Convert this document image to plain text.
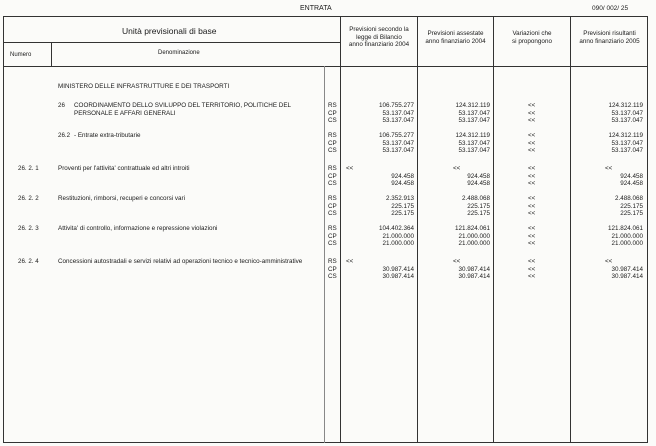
ENTRATA	090/ 002/ 25
Unità previsionali di base
Numero	Denominazione
Previsioni secondo la
legge di Bilancio
anno finanziario 2004
Previsioni assestate
anno finanziario 2004
Variazioni che
si propongono
Previsioni risultanti
anno finanziario 2005
MINISTERO DELLE INFRASTRUTTURE E DEI TRASPORTI
26 COORDINAMENTO DELLO SVILUPPO DEL TERRITORIO, POLITICHE DEL
PERSONALE E AFFARI GENERALI
RS	106.755.277	124.312.119	<<	124.312.119
CP	53.137.047	53.137.047	<<	53.137.047
CS	53.137.047	53.137.047	<<	53.137.047
26.2 - Entrate extra-tributarie	RS	106.755.277	124.312.119	<<	124.312.119
CP	53.137.047	53.137.047	<<	53.137.047
CS	53.137.047	53.137.047	<<	53.137.047
26. 2. 1	Proventi per l'attivita' contrattuale ed altri introiti	RS <<	<<	<<	<<
CP	924.458	924.458	<<	924.458
CS	924.458	924.458	<<	924.458
26. 2. 2	Restituzioni, rimborsi, recuperi e concorsi vari	RS	2.352.913	2.488.068	<<	2.488.068
CP	225.175	225.175	<<	225.175
CS	225.175	225.175	<<	225.175
26. 2. 3	Attivita' di controllo, informazione e repressione violazioni	RS	104.402.364	121.824.061	<<	121.824.061
CP	21.000.000	21.000.000	<<	21.000.000
CS	21.000.000	21.000.000	<<	21.000.000
26. 2. 4	Concessioni autostradali e servizi relativi ad operazioni tecnico e tecnico-amministrative	RS <<	<<	<<	<<
CP	30.987.414	30.987.414	<<	30.987.414
CS	30.987.414	30.987.414	<<	30.987.414
